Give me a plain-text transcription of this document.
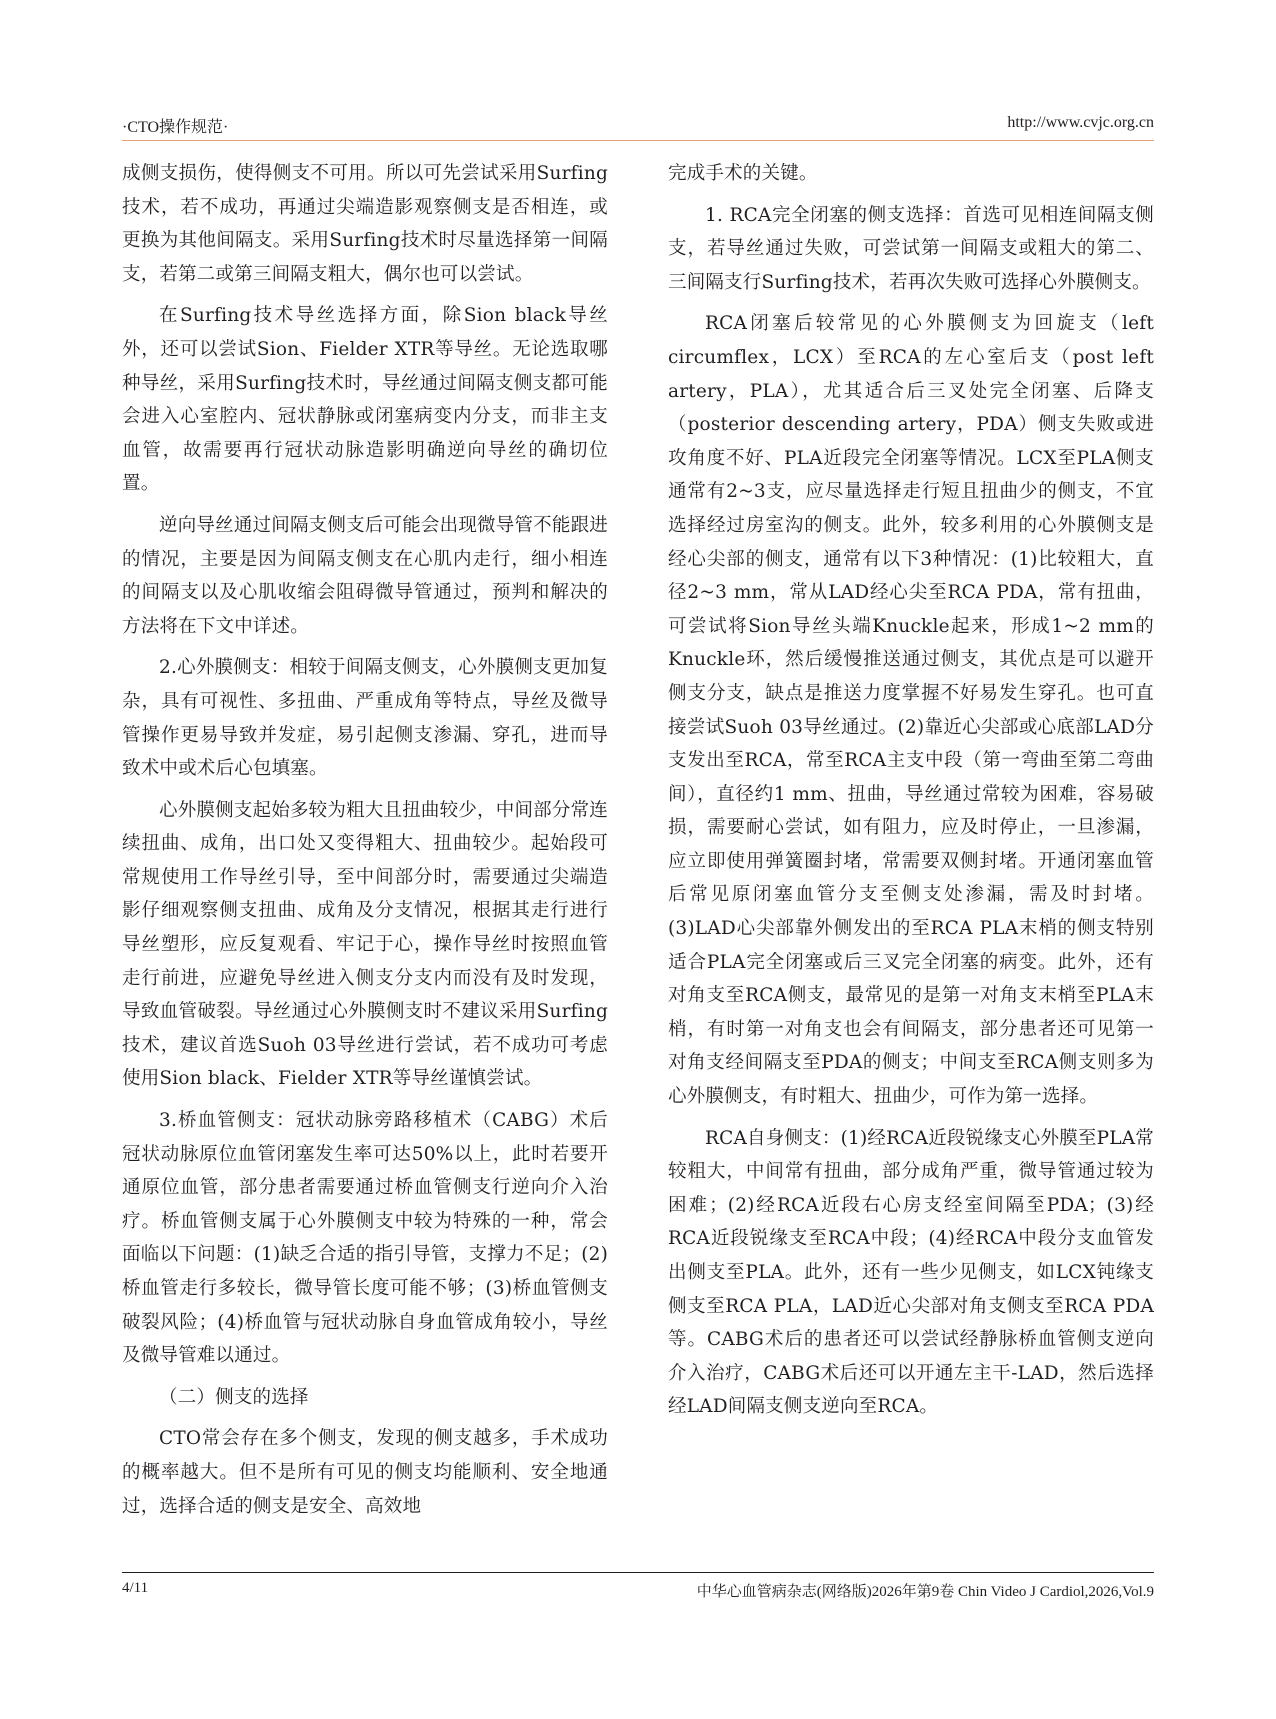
·CTO操作规范·	http://www.cvjc.org.cn

成侧支损伤，使得侧支不可用。所以可先尝试采用Surfing技术，若不成功，再通过尖端造影观察侧支是否相连，或更换为其他间隔支。采用Surfing技术时尽量选择第一间隔支，若第二或第三间隔支粗大，偶尔也可以尝试。

在Surfing技术导丝选择方面，除Sion black导丝外，还可以尝试Sion、Fielder XTR等导丝。无论选取哪种导丝，采用Surfing技术时，导丝通过间隔支侧支都可能会进入心室腔内、冠状静脉或闭塞病变内分支，而非主支血管，故需要再行冠状动脉造影明确逆向导丝的确切位置。

逆向导丝通过间隔支侧支后可能会出现微导管不能跟进的情况，主要是因为间隔支侧支在心肌内走行，细小相连的间隔支以及心肌收缩会阻碍微导管通过，预判和解决的方法将在下文中详述。

2.心外膜侧支：相较于间隔支侧支，心外膜侧支更加复杂，具有可视性、多扭曲、严重成角等特点，导丝及微导管操作更易导致并发症，易引起侧支渗漏、穿孔，进而导致术中或术后心包填塞。

心外膜侧支起始多较为粗大且扭曲较少，中间部分常连续扭曲、成角，出口处又变得粗大、扭曲较少。起始段可常规使用工作导丝引导，至中间部分时，需要通过尖端造影仔细观察侧支扭曲、成角及分支情况，根据其走行进行导丝塑形，应反复观看、牢记于心，操作导丝时按照血管走行前进，应避免导丝进入侧支分支内而没有及时发现，导致血管破裂。导丝通过心外膜侧支时不建议采用Surfing技术，建议首选Suoh 03导丝进行尝试，若不成功可考虑使用Sion black、Fielder XTR等导丝谨慎尝试。

3.桥血管侧支：冠状动脉旁路移植术（CABG）术后冠状动脉原位血管闭塞发生率可达50%以上，此时若要开通原位血管，部分患者需要通过桥血管侧支行逆向介入治疗。桥血管侧支属于心外膜侧支中较为特殊的一种，常会面临以下问题：(1)缺乏合适的指引导管，支撑力不足；(2)桥血管走行多较长，微导管长度可能不够；(3)桥血管侧支破裂风险；(4)桥血管与冠状动脉自身血管成角较小，导丝及微导管难以通过。

（二）侧支的选择

CTO常会存在多个侧支，发现的侧支越多，手术成功的概率越大。但不是所有可见的侧支均能顺利、安全地通过，选择合适的侧支是安全、高效地

完成手术的关键。

1. RCA完全闭塞的侧支选择：首选可见相连间隔支侧支，若导丝通过失败，可尝试第一间隔支或粗大的第二、三间隔支行Surfing技术，若再次失败可选择心外膜侧支。

RCA闭塞后较常见的心外膜侧支为回旋支（left circumflex，LCX）至RCA的左心室后支（post left artery，PLA），尤其适合后三叉处完全闭塞、后降支（posterior descending artery，PDA）侧支失败或进攻角度不好、PLA近段完全闭塞等情况。LCX至PLA侧支通常有2~3支，应尽量选择走行短且扭曲少的侧支，不宜选择经过房室沟的侧支。此外，较多利用的心外膜侧支是经心尖部的侧支，通常有以下3种情况：(1)比较粗大，直径2~3 mm，常从LAD经心尖至RCA PDA，常有扭曲，可尝试将Sion导丝头端Knuckle起来，形成1~2 mm的Knuckle环，然后缓慢推送通过侧支，其优点是可以避开侧支分支，缺点是推送力度掌握不好易发生穿孔。也可直接尝试Suoh 03导丝通过。(2)靠近心尖部或心底部LAD分支发出至RCA，常至RCA主支中段（第一弯曲至第二弯曲间），直径约1 mm、扭曲，导丝通过常较为困难，容易破损，需要耐心尝试，如有阻力，应及时停止，一旦渗漏，应立即使用弹簧圈封堵，常需要双侧封堵。开通闭塞血管后常见原闭塞血管分支至侧支处渗漏，需及时封堵。(3)LAD心尖部靠外侧发出的至RCA PLA末梢的侧支特别适合PLA完全闭塞或后三叉完全闭塞的病变。此外，还有对角支至RCA侧支，最常见的是第一对角支末梢至PLA末梢，有时第一对角支也会有间隔支，部分患者还可见第一对角支经间隔支至PDA的侧支；中间支至RCA侧支则多为心外膜侧支，有时粗大、扭曲少，可作为第一选择。

RCA自身侧支：(1)经RCA近段锐缘支心外膜至PLA常较粗大，中间常有扭曲，部分成角严重，微导管通过较为困难；(2)经RCA近段右心房支经室间隔至PDA；(3)经RCA近段锐缘支至RCA中段；(4)经RCA中段分支血管发出侧支至PLA。此外，还有一些少见侧支，如LCX钝缘支侧支至RCA PLA，LAD近心尖部对角支侧支至RCA PDA等。CABG术后的患者还可以尝试经静脉桥血管侧支逆向介入治疗，CABG术后还可以开通左主干-LAD，然后选择经LAD间隔支侧支逆向至RCA。

4/11	中华心血管病杂志(网络版)2026年第9卷 Chin Video J Cardiol,2026,Vol.9
